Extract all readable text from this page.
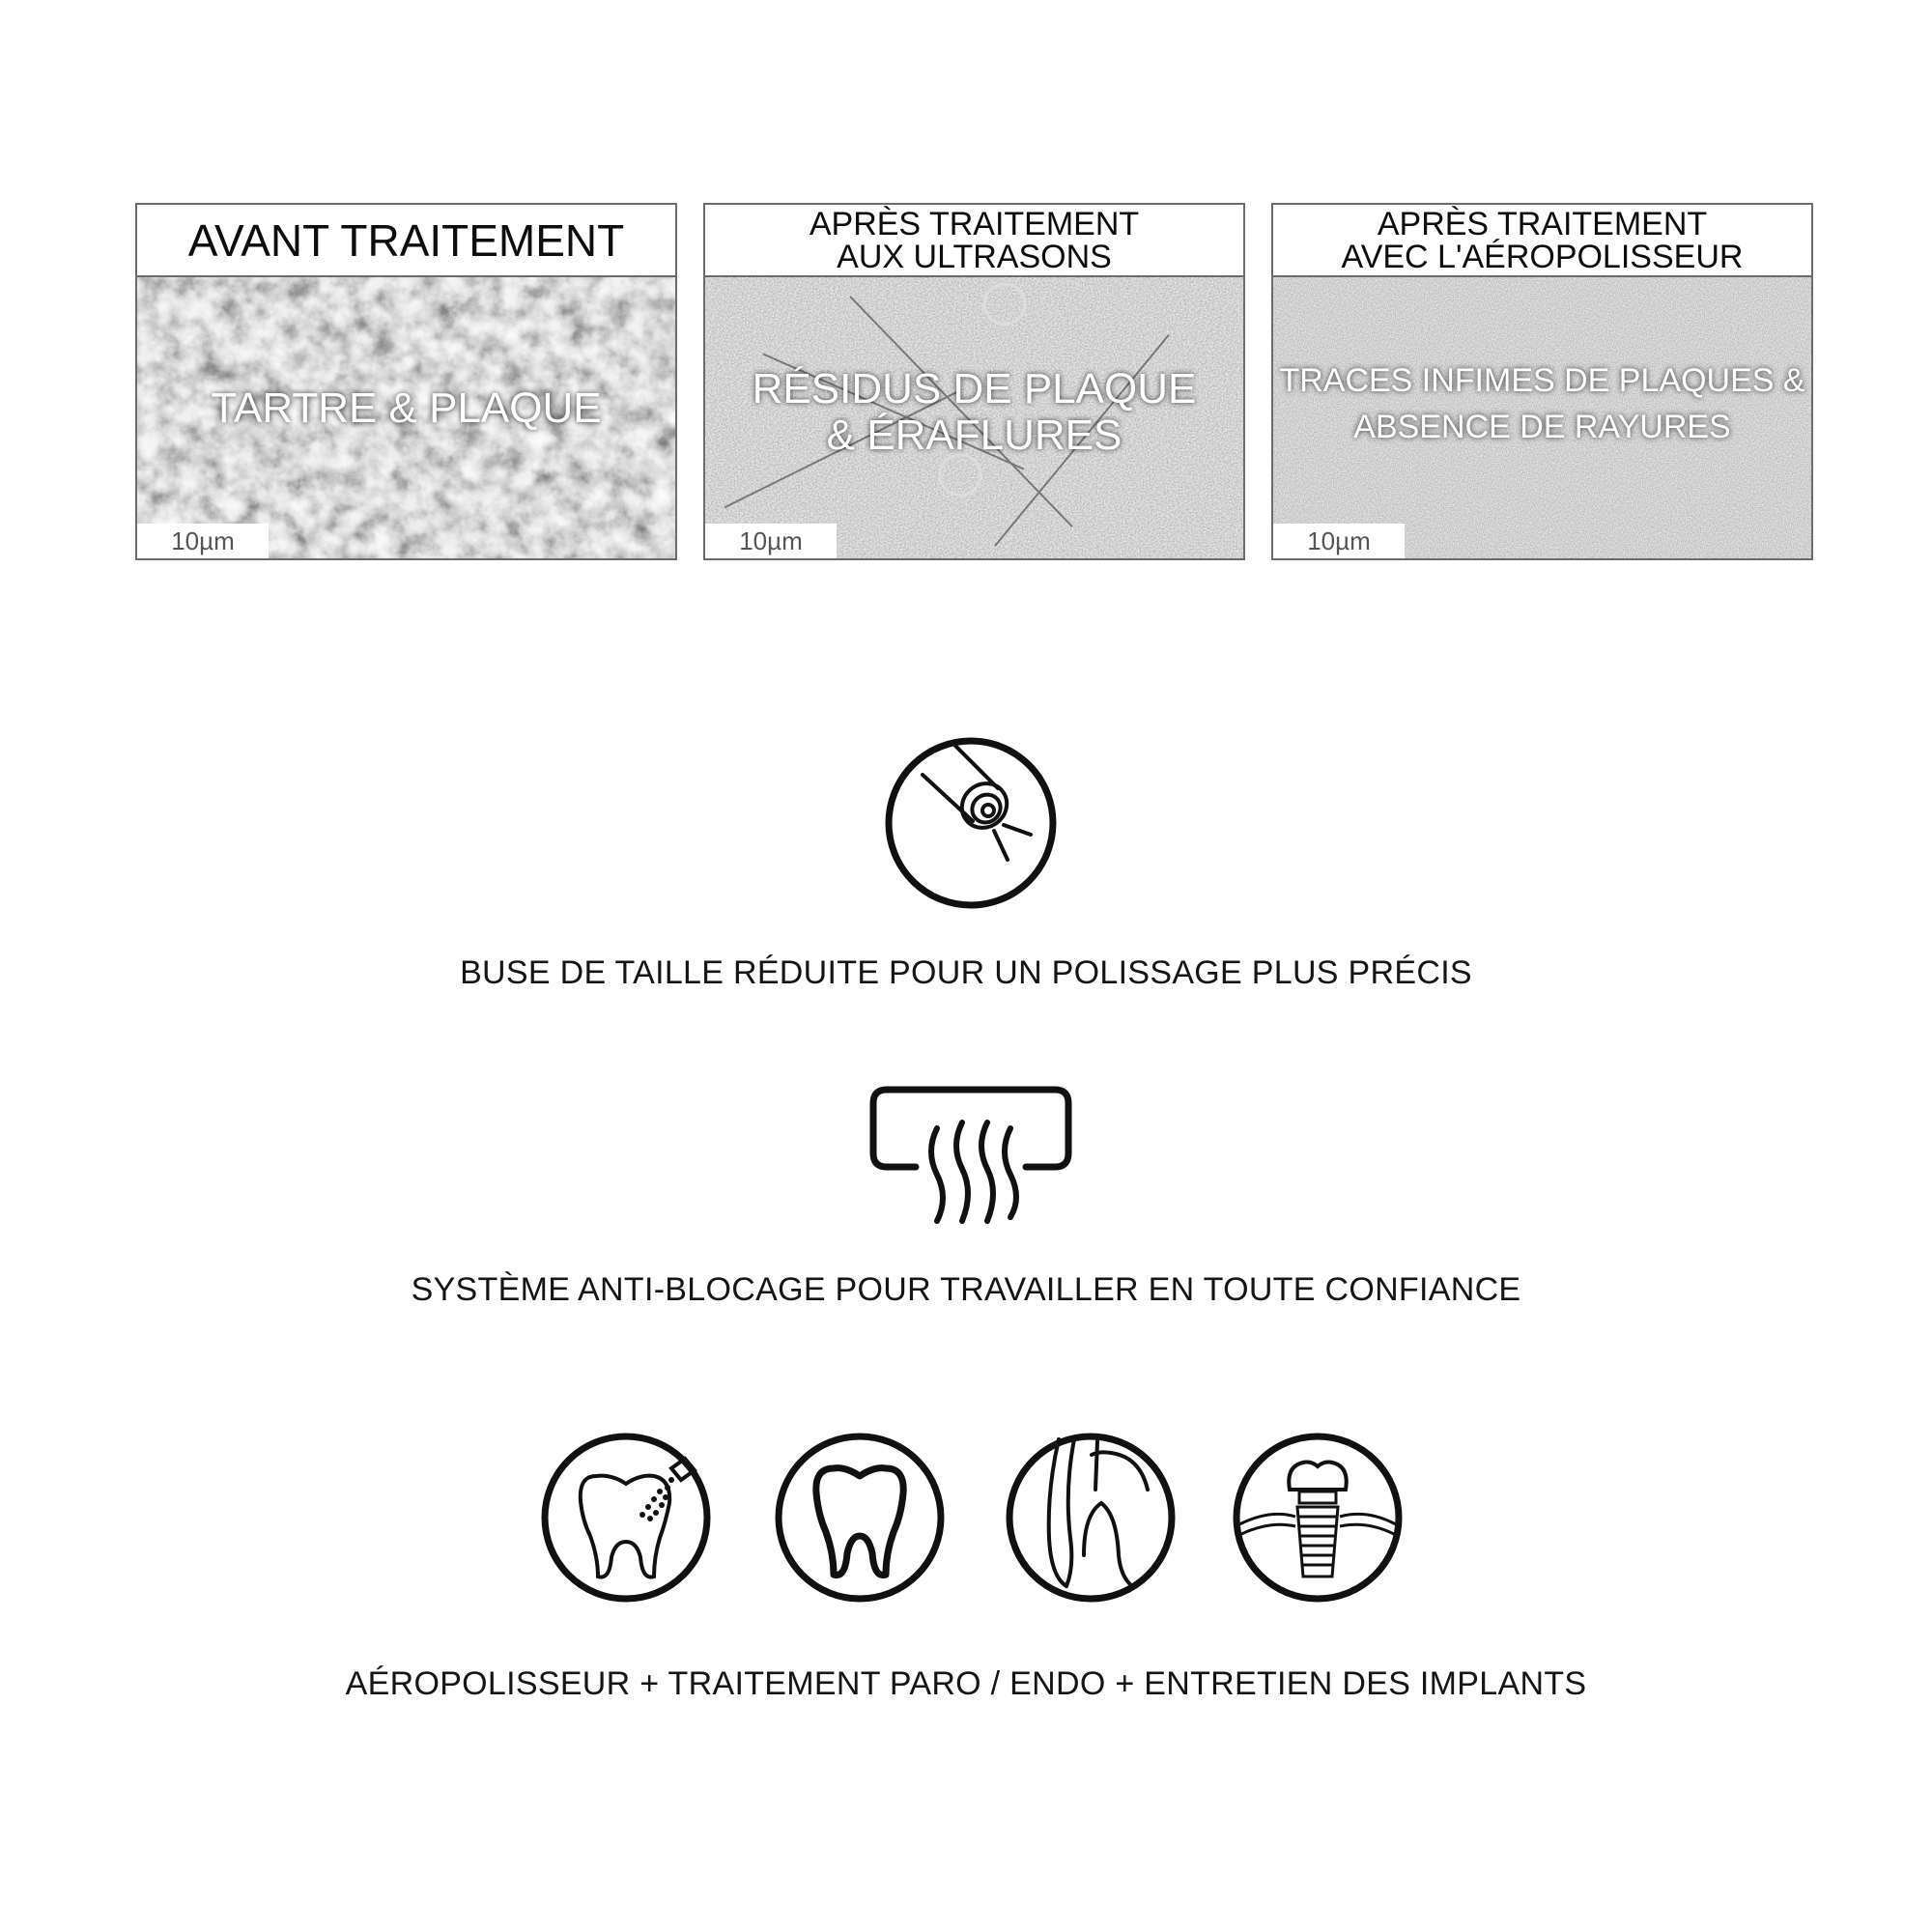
AVANT TRAITEMENT
TARTRE & PLAQUE
10µm
APRÈS TRAITEMENT
AUX ULTRASONS
RÉSIDUS DE PLAQUE
& ÉRAFLURES
10µm
APRÈS TRAITEMENT
AVEC L'AÉROPOLISSEUR
TRACES INFIMES DE PLAQUES &
ABSENCE DE RAYURES
10µm
BUSE DE TAILLE RÉDUITE POUR UN POLISSAGE PLUS PRÉCIS
SYSTÈME ANTI-BLOCAGE POUR TRAVAILLER EN TOUTE CONFIANCE
AÉROPOLISSEUR + TRAITEMENT PARO / ENDO + ENTRETIEN DES IMPLANTS
